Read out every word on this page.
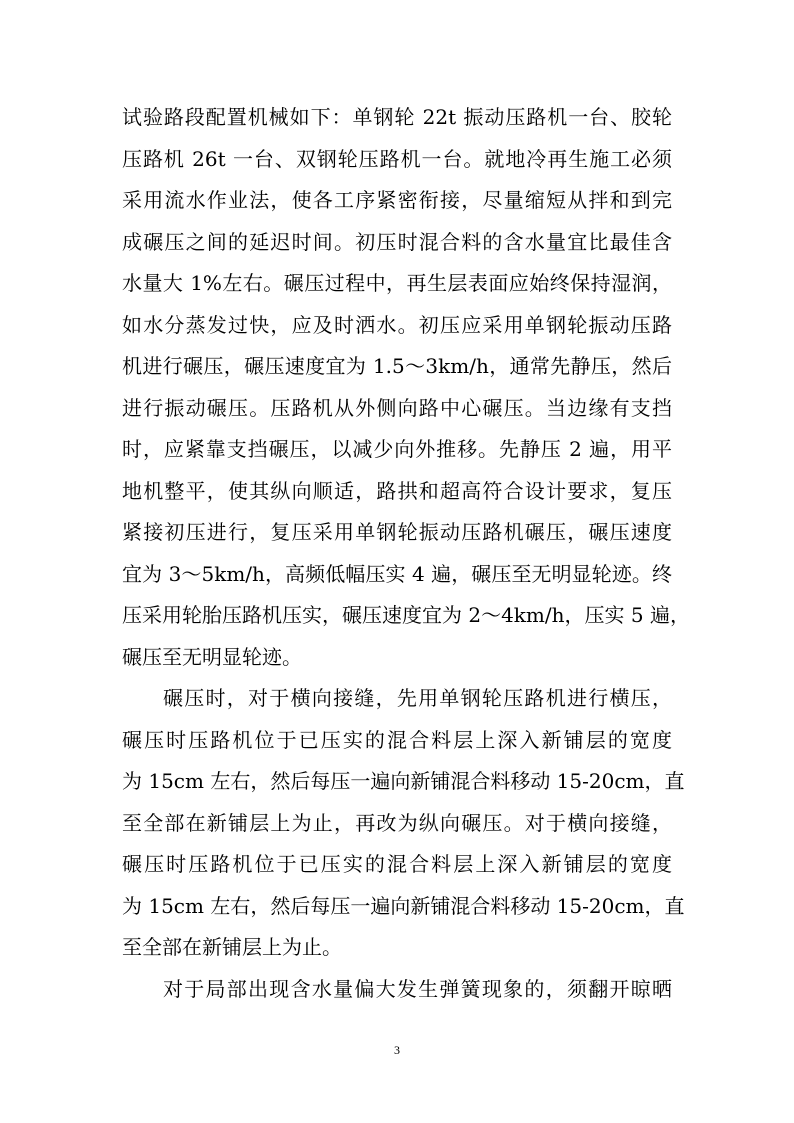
试验路段配置机械如下：单钢轮 22t 振动压路机一台、胶轮
压路机 26t 一台、双钢轮压路机一台。就地冷再生施工必须
采用流水作业法，使各工序紧密衔接，尽量缩短从拌和到完
成碾压之间的延迟时间。初压时混合料的含水量宜比最佳含
水量大 1%左右。碾压过程中，再生层表面应始终保持湿润，
如水分蒸发过快，应及时洒水。初压应采用单钢轮振动压路
机进行碾压，碾压速度宜为 1.5～3km/h，通常先静压，然后
进行振动碾压。压路机从外侧向路中心碾压。当边缘有支挡
时，应紧靠支挡碾压，以减少向外推移。先静压 2 遍，用平
地机整平，使其纵向顺适，路拱和超高符合设计要求，复压
紧接初压进行，复压采用单钢轮振动压路机碾压，碾压速度
宜为 3～5km/h，高频低幅压实 4 遍，碾压至无明显轮迹。终
压采用轮胎压路机压实，碾压速度宜为 2～4km/h，压实 5 遍，
碾压至无明显轮迹。
碾压时，对于横向接缝，先用单钢轮压路机进行横压，
碾压时压路机位于已压实的混合料层上深入新铺层的宽度
为 15cm 左右，然后每压一遍向新铺混合料移动 15-20cm，直
至全部在新铺层上为止，再改为纵向碾压。对于横向接缝，
碾压时压路机位于已压实的混合料层上深入新铺层的宽度
为 15cm 左右，然后每压一遍向新铺混合料移动 15-20cm，直
至全部在新铺层上为止。
对于局部出现含水量偏大发生弹簧现象的，须翻开晾晒
3
